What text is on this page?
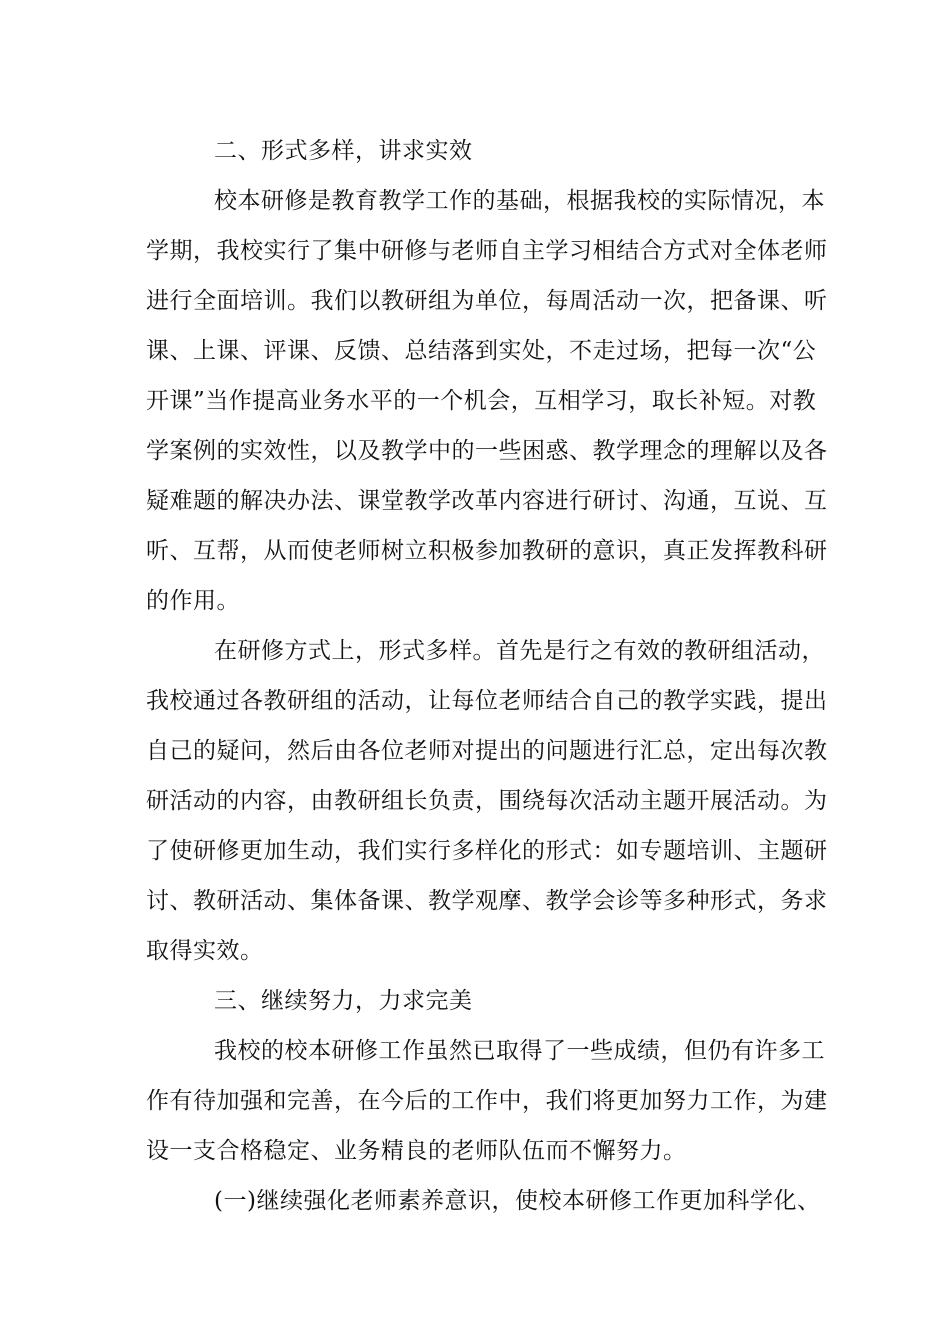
二、形式多样，讲求实效
校本研修是教育教学工作的基础，根据我校的实际情况，本
学期，我校实行了集中研修与老师自主学习相结合方式对全体老师
进行全面培训。我们以教研组为单位，每周活动一次，把备课、听
课、上课、评课、反馈、总结落到实处，不走过场，把每一次“公
开课”当作提高业务水平的一个机会，互相学习，取长补短。对教
学案例的实效性，以及教学中的一些困惑、教学理念的理解以及各
疑难题的解决办法、课堂教学改革内容进行研讨、沟通，互说、互
听、互帮，从而使老师树立积极参加教研的意识，真正发挥教科研
的作用。
在研修方式上，形式多样。首先是行之有效的教研组活动，
我校通过各教研组的活动，让每位老师结合自己的教学实践，提出
自己的疑问，然后由各位老师对提出的问题进行汇总，定出每次教
研活动的内容，由教研组长负责，围绕每次活动主题开展活动。为
了使研修更加生动，我们实行多样化的形式：如专题培训、主题研
讨、教研活动、集体备课、教学观摩、教学会诊等多种形式，务求
取得实效。
三、继续努力，力求完美
我校的校本研修工作虽然已取得了一些成绩，但仍有许多工
作有待加强和完善，在今后的工作中，我们将更加努力工作，为建
设一支合格稳定、业务精良的老师队伍而不懈努力。
(一)继续强化老师素养意识，使校本研修工作更加科学化、
